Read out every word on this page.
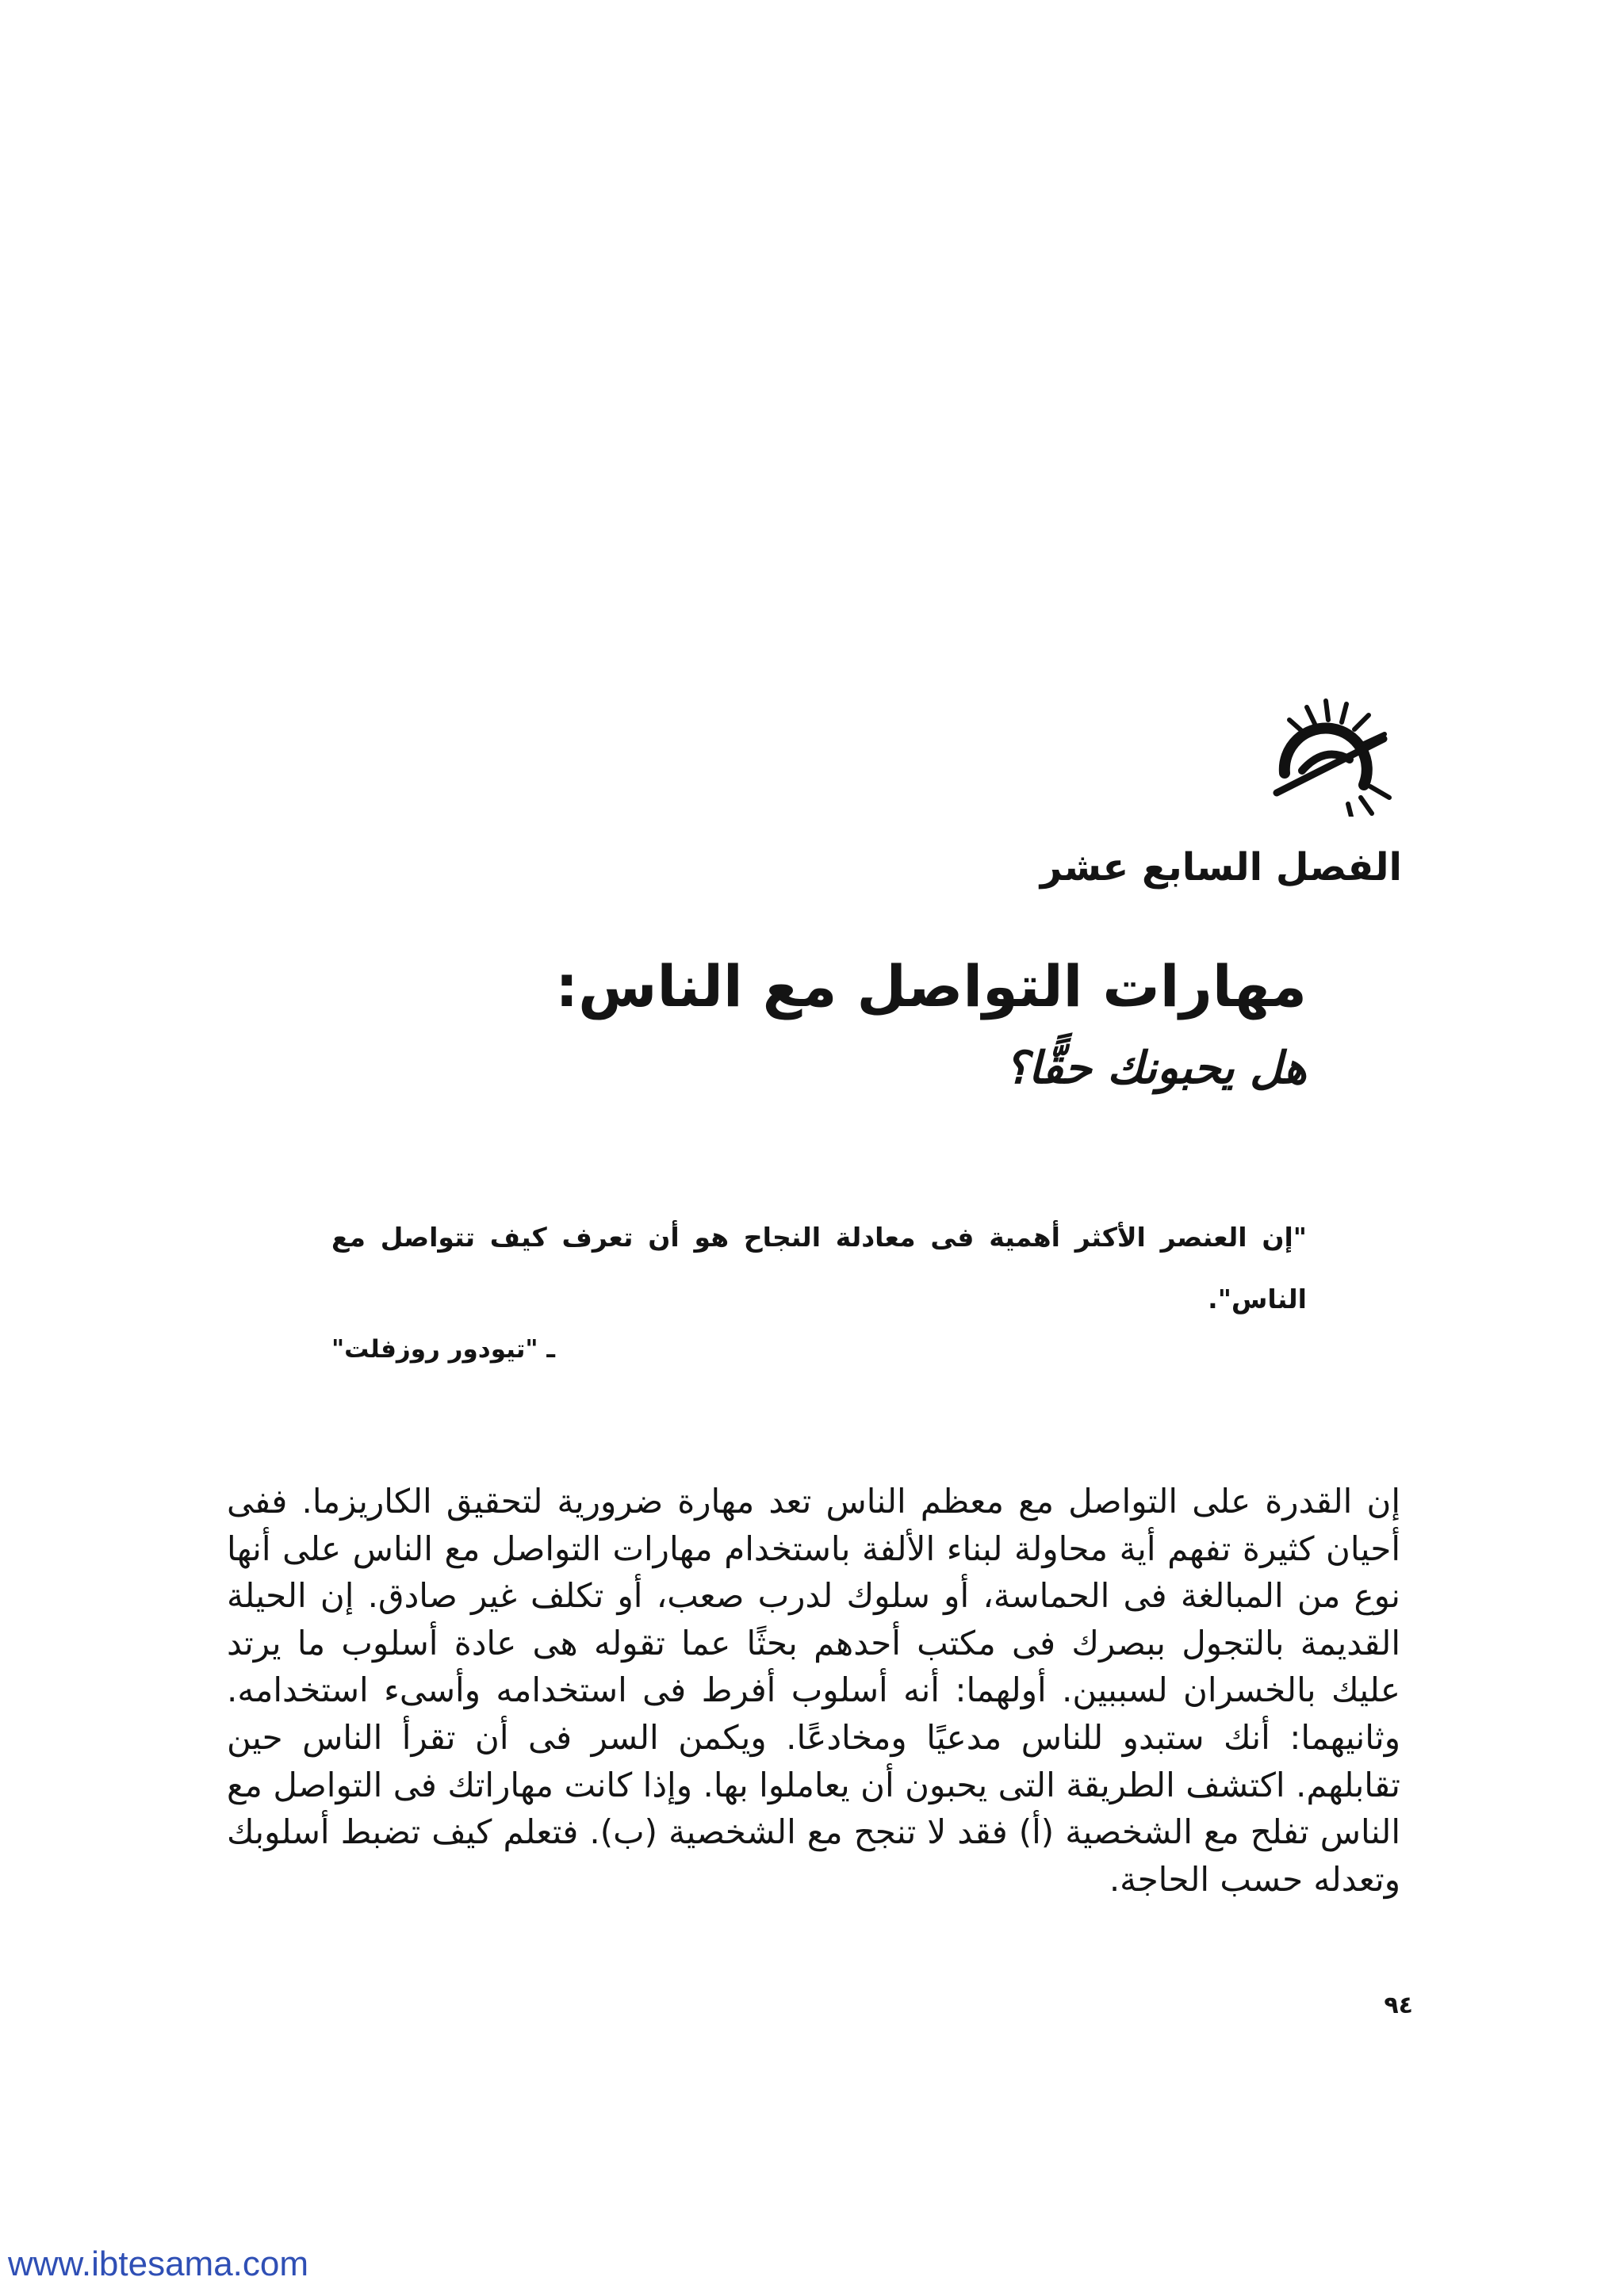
الفصل السابع عشر
مهارات التواصل مع الناس:
هل يحبونك حقًّا؟
"إن العنصر الأكثر أهمية فى معادلة النجاح هو أن تعرف كيف تتواصل مع الناس".
ـ "تيودور روزفلت"
إن القدرة على التواصل مع معظم الناس تعد مهارة ضرورية لتحقيق الكاريزما. ففى أحيان كثيرة تفهم أية محاولة لبناء الألفة باستخدام مهارات التواصل مع الناس على أنها نوع من المبالغة فى الحماسة، أو سلوك لدرب صعب، أو تكلف غير صادق. إن الحيلة القديمة بالتجول ببصرك فى مكتب أحدهم بحثًا عما تقوله هى عادة أسلوب ما يرتد عليك بالخسران لسببين. أولهما: أنه أسلوب أفرط فى استخدامه وأسىء استخدامه. وثانيهما: أنك ستبدو للناس مدعيًا ومخادعًا. ويكمن السر فى أن تقرأ الناس حين تقابلهم. اكتشف الطريقة التى يحبون أن يعاملوا بها. وإذا كانت مهاراتك فى التواصل مع الناس تفلح مع الشخصية (أ) فقد لا تنجح مع الشخصية (ب). فتعلم كيف تضبط أسلوبك وتعدله حسب الحاجة.
٩٤
www.ibtesama.com
